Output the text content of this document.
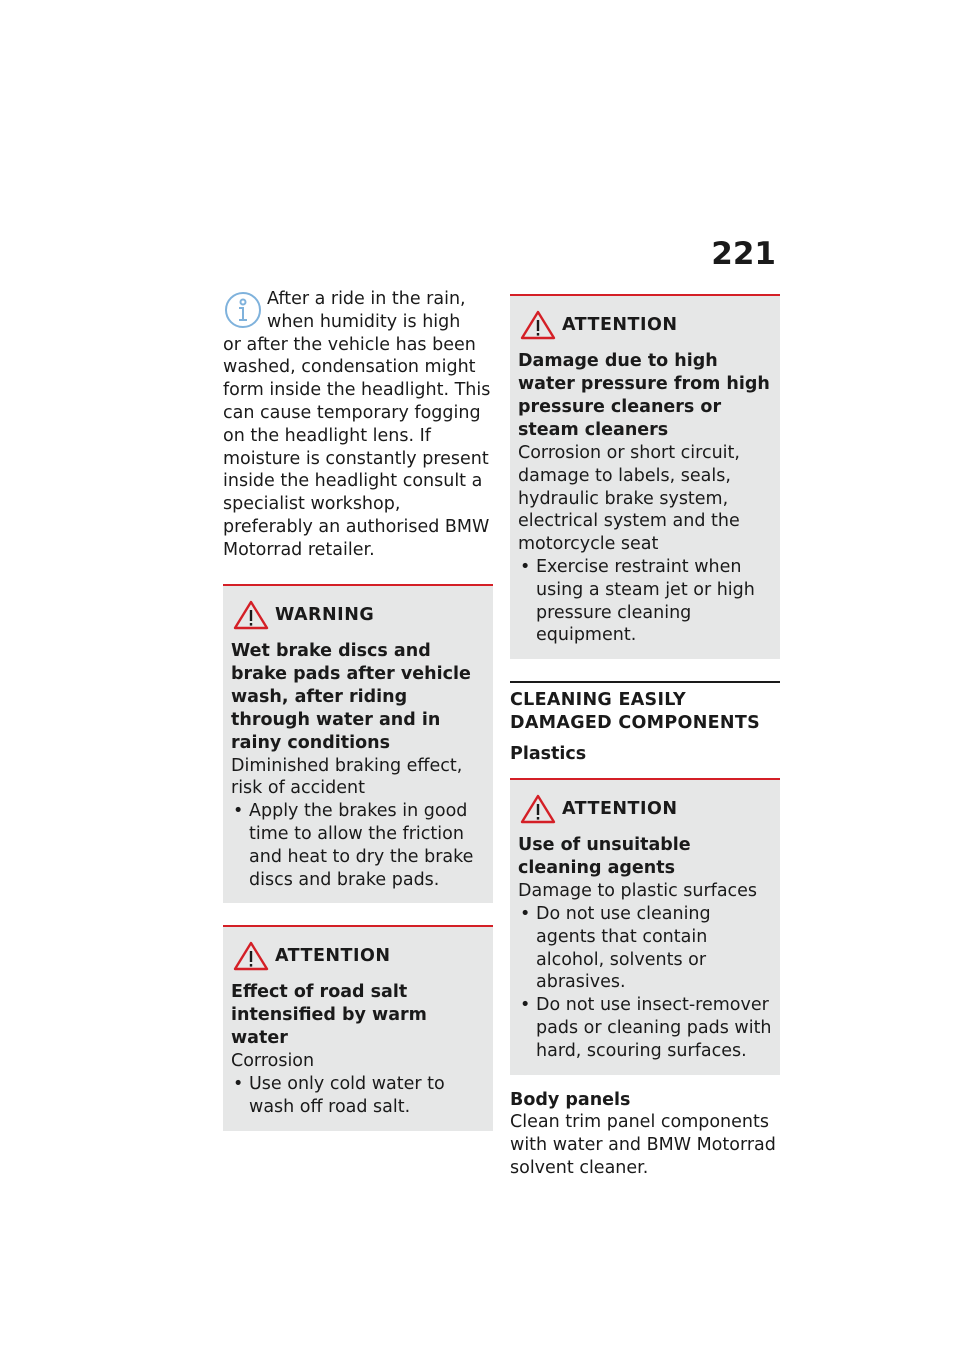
221

After a ride in the rain,
when humidity is high
or after the vehicle has been washed, condensation might form inside the headlight. This can cause temporary fogging on the headlight lens. If moisture is constantly present inside the headlight consult a specialist workshop, preferably an authorised BMW Motorrad retailer.

WARNING

Wet brake discs and brake pads after vehicle wash, after riding through water and in rainy conditions

Diminished braking effect, risk of accident

• Apply the brakes in good time to allow the friction and heat to dry the brake discs and brake pads.
ATTENTION

Effect of road salt intensified by warm water

Corrosion

• Use only cold water to wash off road salt.
ATTENTION

Damage due to high water pressure from high pressure cleaners or steam cleaners

Corrosion or short circuit, damage to labels, seals, hydraulic brake system, electrical system and the motorcycle seat

• Exercise restraint when using a steam jet or high pressure cleaning equipment.
CLEANING EASILY DAMAGED COMPONENTS

Plastics

ATTENTION

Use of unsuitable cleaning agents

Damage to plastic surfaces

• Do not use cleaning agents that contain alcohol, solvents or abrasives.
• Do not use insect-remover pads or cleaning pads with hard, scouring surfaces.

Body panels

Clean trim panel components with water and BMW Motorrad solvent cleaner.
